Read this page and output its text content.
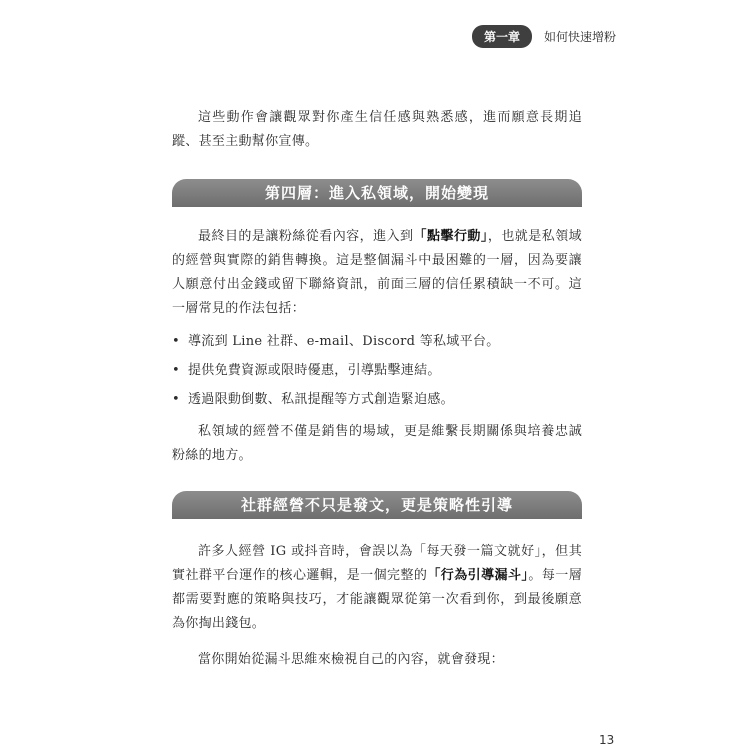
第一章	如何快速增粉

這些動作會讓觀眾對你產生信任感與熟悉感，進而願意長期追蹤、甚至主動幫你宣傳。

第四層：進入私領域，開始變現

最終目的是讓粉絲從看內容，進入到「點擊行動」，也就是私領域的經營與實際的銷售轉換。這是整個漏斗中最困難的一層，因為要讓人願意付出金錢或留下聯絡資訊，前面三層的信任累積缺一不可。這一層常見的作法包括：

• 導流到 Line 社群、e-mail、Discord 等私域平台。
• 提供免費資源或限時優惠，引導點擊連結。
• 透過限動倒數、私訊提醒等方式創造緊迫感。

私領域的經營不僅是銷售的場域，更是維繫長期關係與培養忠誠粉絲的地方。

社群經營不只是發文，更是策略性引導

許多人經營 IG 或抖音時，會誤以為「每天發一篇文就好」，但其實社群平台運作的核心邏輯，是一個完整的「行為引導漏斗」。每一層都需要對應的策略與技巧，才能讓觀眾從第一次看到你，到最後願意為你掏出錢包。

當你開始從漏斗思維來檢視自己的內容，就會發現：

13
